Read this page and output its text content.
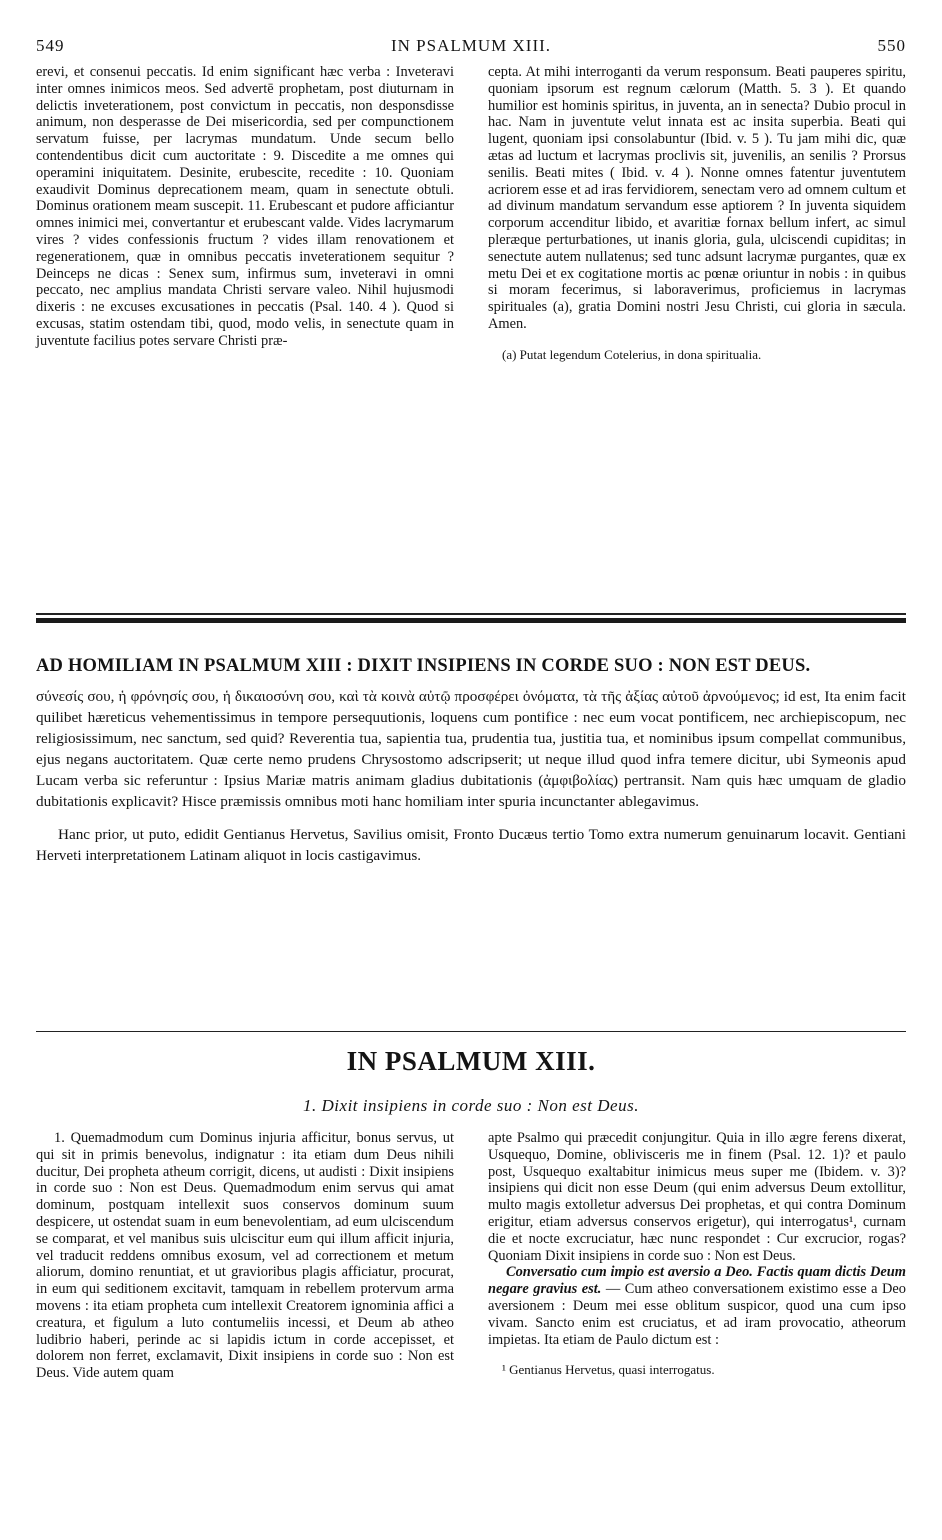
549	IN PSALMUM XIII.	550

erevi, et consenui peccatis. Id enim significant hæc verba : Inveteravi inter omnes inimicos meos. Sed advertē prophetam, post diuturnam in delictis inveterationem, post convictum in peccatis, non desponsdisse animum, non desperasse de Dei misericordia, sed per compunctionem servatum fuisse, per lacrymas mundatum. Unde secum bello contendentibus dicit cum auctoritate : 9. Discedite a me omnes qui operamini iniquitatem. Desinite, erubescite, recedite : 10. Quoniam exaudivit Dominus deprecationem meam, quam in senectute obtuli. Dominus orationem meam suscepit. 11. Erubescant et pudore afficiantur omnes inimici mei, convertantur et erubescant valde. Vides lacrymarum vires ? vides confessionis fructum ? vides illam renovationem et regenerationem, quæ in omnibus peccatis inveterationem sequitur ? Deinceps ne dicas : Senex sum, infirmus sum, inveteravi in omni peccato, nec amplius mandata Christi servare valeo. Nihil hujusmodi dixeris : ne excuses excusationes in peccatis (Psal. 140. 4 ). Quod si excusas, statim ostendam tibi, quod, modo velis, in senectute quam in juventute facilius potes servare Christi præ-

cepta. At mihi interroganti da verum responsum. Beati pauperes spiritu, quoniam ipsorum est regnum cælorum (Matth. 5. 3 ). Et quando humilior est hominis spiritus, in juventa, an in senecta? Dubio procul in hac. Nam in juventute velut innata est ac insita superbia. Beati qui lugent, quoniam ipsi consolabuntur (Ibid. v. 5 ). Tu jam mihi dic, quæ ætas ad luctum et lacrymas proclivis sit, juvenilis, an senilis ? Prorsus senilis. Beati mites ( Ibid. v. 4 ). Nonne omnes fatentur juventutem acriorem esse et ad iras fervidiorem, senectam vero ad omnem cultum et ad divinum mandatum servandum esse aptiorem ? In juventa siquidem corporum accenditur libido, et avaritiæ fornax bellum infert, ac simul pleræque perturbationes, ut inanis gloria, gula, ulciscendi cupiditas; in senectute autem nullatenus; sed tunc adsunt lacrymæ purgantes, quæ ex metu Dei et ex cogitatione mortis ac pœnæ oriuntur in nobis : in quibus si moram fecerimus, si laboraverimus, proficiemus in lacrymas spirituales (a), gratia Domini nostri Jesu Christi, cui gloria in sæcula. Amen.

(a) Putat legendum Cotelerius, in dona spiritualia.

AD HOMILIAM IN PSALMUM XIII : DIXIT INSIPIENS IN CORDE SUO : NON EST DEUS.

σύνεσίς σου, ἡ φρόνησίς σου, ἡ δικαιοσύνη σου, καὶ τὰ κοινὰ αὐτῷ προσφέρει ὀνόματα, τὰ τῆς ἀξίας αὐτοῦ ἀρνούμενος; id est, Ita enim facit quilibet hæreticus vehementissimus in tempore persequutionis, loquens cum pontifice : nec eum vocat pontificem, nec archiepiscopum, nec religiosissimum, nec sanctum, sed quid? Reverentia tua, sapientia tua, prudentia tua, justitia tua, et nominibus ipsum compellat communibus, ejus negans auctoritatem. Quæ certe nemo prudens Chrysostomo adscripserit; ut neque illud quod infra temere dicitur, ubi Symeonis apud Lucam verba sic referuntur : Ipsius Mariæ matris animam gladius dubitationis (ἀμφιβολίας) pertransit. Nam quis hæc umquam de gladio dubitationis explicavit? Hisce præmissis omnibus moti hanc homiliam inter spuria incunctanter ablegavimus.

Hanc prior, ut puto, edidit Gentianus Hervetus, Savilius omisit, Fronto Ducæus tertio Tomo extra numerum genuinarum locavit. Gentiani Herveti interpretationem Latinam aliquot in locis castigavimus.

IN PSALMUM XIII.
1. Dixit insipiens in corde suo : Non est Deus.

1. Quemadmodum cum Dominus injuria afficitur, bonus servus, ut qui sit in primis benevolus, indignatur : ita etiam dum Deus nihili ducitur, Dei propheta atheum corrigit, dicens, ut audisti : Dixit insipiens in corde suo : Non est Deus. Quemadmodum enim servus qui amat dominum, postquam intellexit suos conservos dominum suum despicere, ut ostendat suam in eum benevolentiam, ad eum ulciscendum se comparat, et vel manibus suis ulciscitur eum qui illum afficit injuria, vel traducit reddens omnibus exosum, vel ad correctionem et metum aliorum, domino renuntiat, et ut gravioribus plagis afficiatur, procurat, in eum qui seditionem excitavit, tamquam in rebellem protervum arma movens : ita etiam propheta cum intellexit Creatorem ignominia affici a creatura, et figulum a luto contumeliis incessi, et Deum ab atheo ludibrio haberi, perinde ac si lapidis ictum in corde accepisset, et dolorem non ferret, exclamavit, Dixit insipiens in corde suo : Non est Deus. Vide autem quam

apte Psalmo qui præcedit conjungitur. Quia in illo ægre ferens dixerat, Usquequo, Domine, oblivisceris me in finem (Psal. 12. 1)? et paulo post, Usquequo exaltabitur inimicus meus super me (Ibidem. v. 3)? insipiens qui dicit non esse Deum (qui enim adversus Deum extollitur, multo magis extolletur adversus Dei prophetas, et qui contra Dominum erigitur, etiam adversus conservos erigetur), qui interrogatus¹, curnam die et nocte excruciatur, hæc nunc respondet : Cur excrucior, rogas? Quoniam Dixit insipiens in corde suo : Non est Deus.

Conversatio cum impio est aversio a Deo. Factis quam dictis Deum negare gravius est. — Cum atheo conversationem existimo esse a Deo aversionem : Deum mei esse oblitum suspicor, quod una cum ipso vivam. Sancto enim est cruciatus, et ad iram provocatio, atheorum impietas. Ita etiam de Paulo dictum est :

¹ Gentianus Hervetus, quasi interrogatus.
